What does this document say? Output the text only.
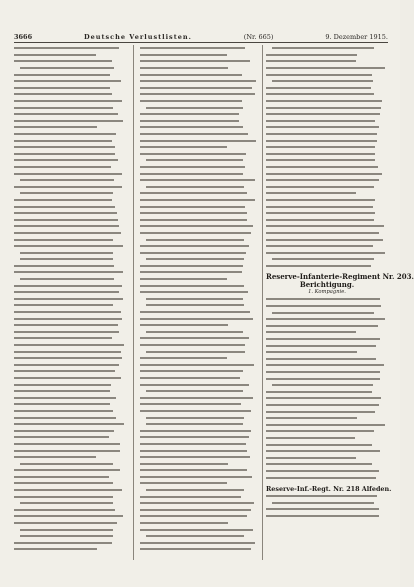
3666	Deutsche Verlustlisten.	(Nr. 665)	9. Dezember 1915.
Reserve-Infanterie-Regiment Nr. 203.
Berichtigung.
1. Kompagnie.
Reserve-Inf.-Regt. Nr. 218 Alfeden.
